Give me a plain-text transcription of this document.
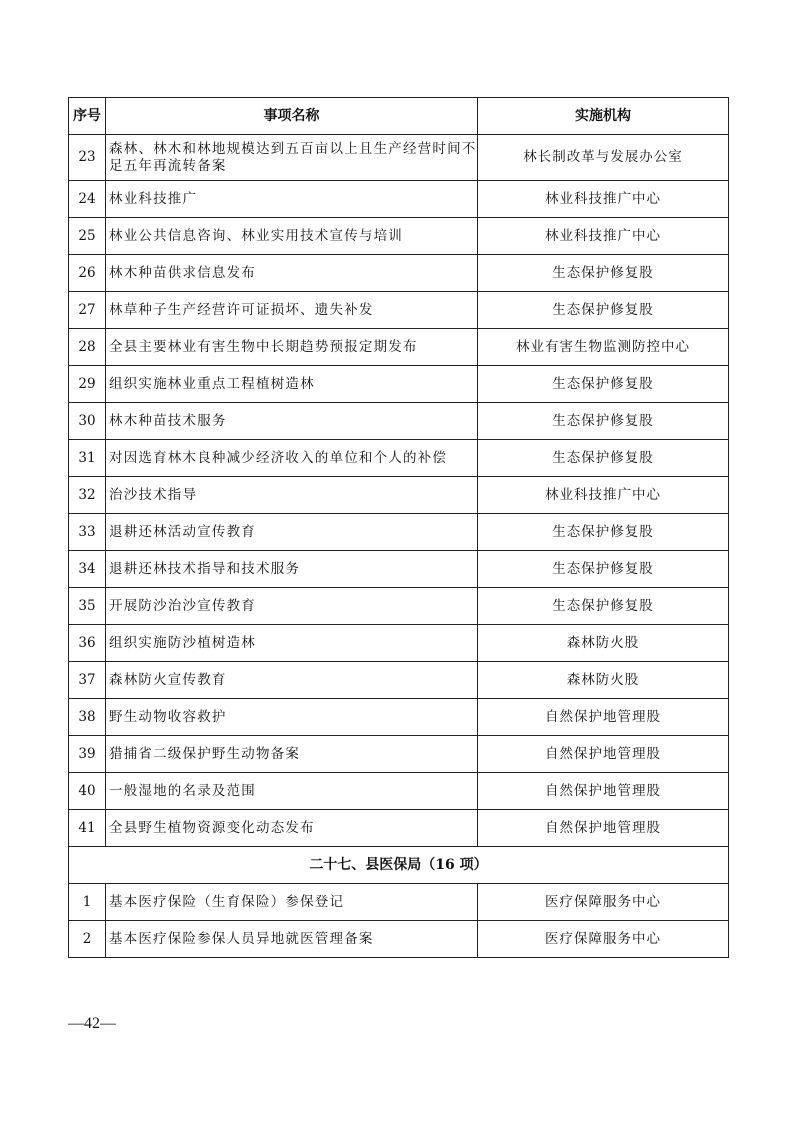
序号	事项名称	实施机构
23	森林、林木和林地规模达到五百亩以上且生产经营时间不足五年再流转备案	林长制改革与发展办公室
24	林业科技推广	林业科技推广中心
25	林业公共信息咨询、林业实用技术宣传与培训	林业科技推广中心
26	林木种苗供求信息发布	生态保护修复股
27	林草种子生产经营许可证损坏、遗失补发	生态保护修复股
28	全县主要林业有害生物中长期趋势预报定期发布	林业有害生物监测防控中心
29	组织实施林业重点工程植树造林	生态保护修复股
30	林木种苗技术服务	生态保护修复股
31	对因选育林木良种减少经济收入的单位和个人的补偿	生态保护修复股
32	治沙技术指导	林业科技推广中心
33	退耕还林活动宣传教育	生态保护修复股
34	退耕还林技术指导和技术服务	生态保护修复股
35	开展防沙治沙宣传教育	生态保护修复股
36	组织实施防沙植树造林	森林防火股
37	森林防火宣传教育	森林防火股
38	野生动物收容救护	自然保护地管理股
39	猎捕省二级保护野生动物备案	自然保护地管理股
40	一般湿地的名录及范围	自然保护地管理股
41	全县野生植物资源变化动态发布	自然保护地管理股
二十七、县医保局（16 项）		
1	基本医疗保险（生育保险）参保登记	医疗保障服务中心
2	基本医疗保险参保人员异地就医管理备案	医疗保障服务中心
—42—
